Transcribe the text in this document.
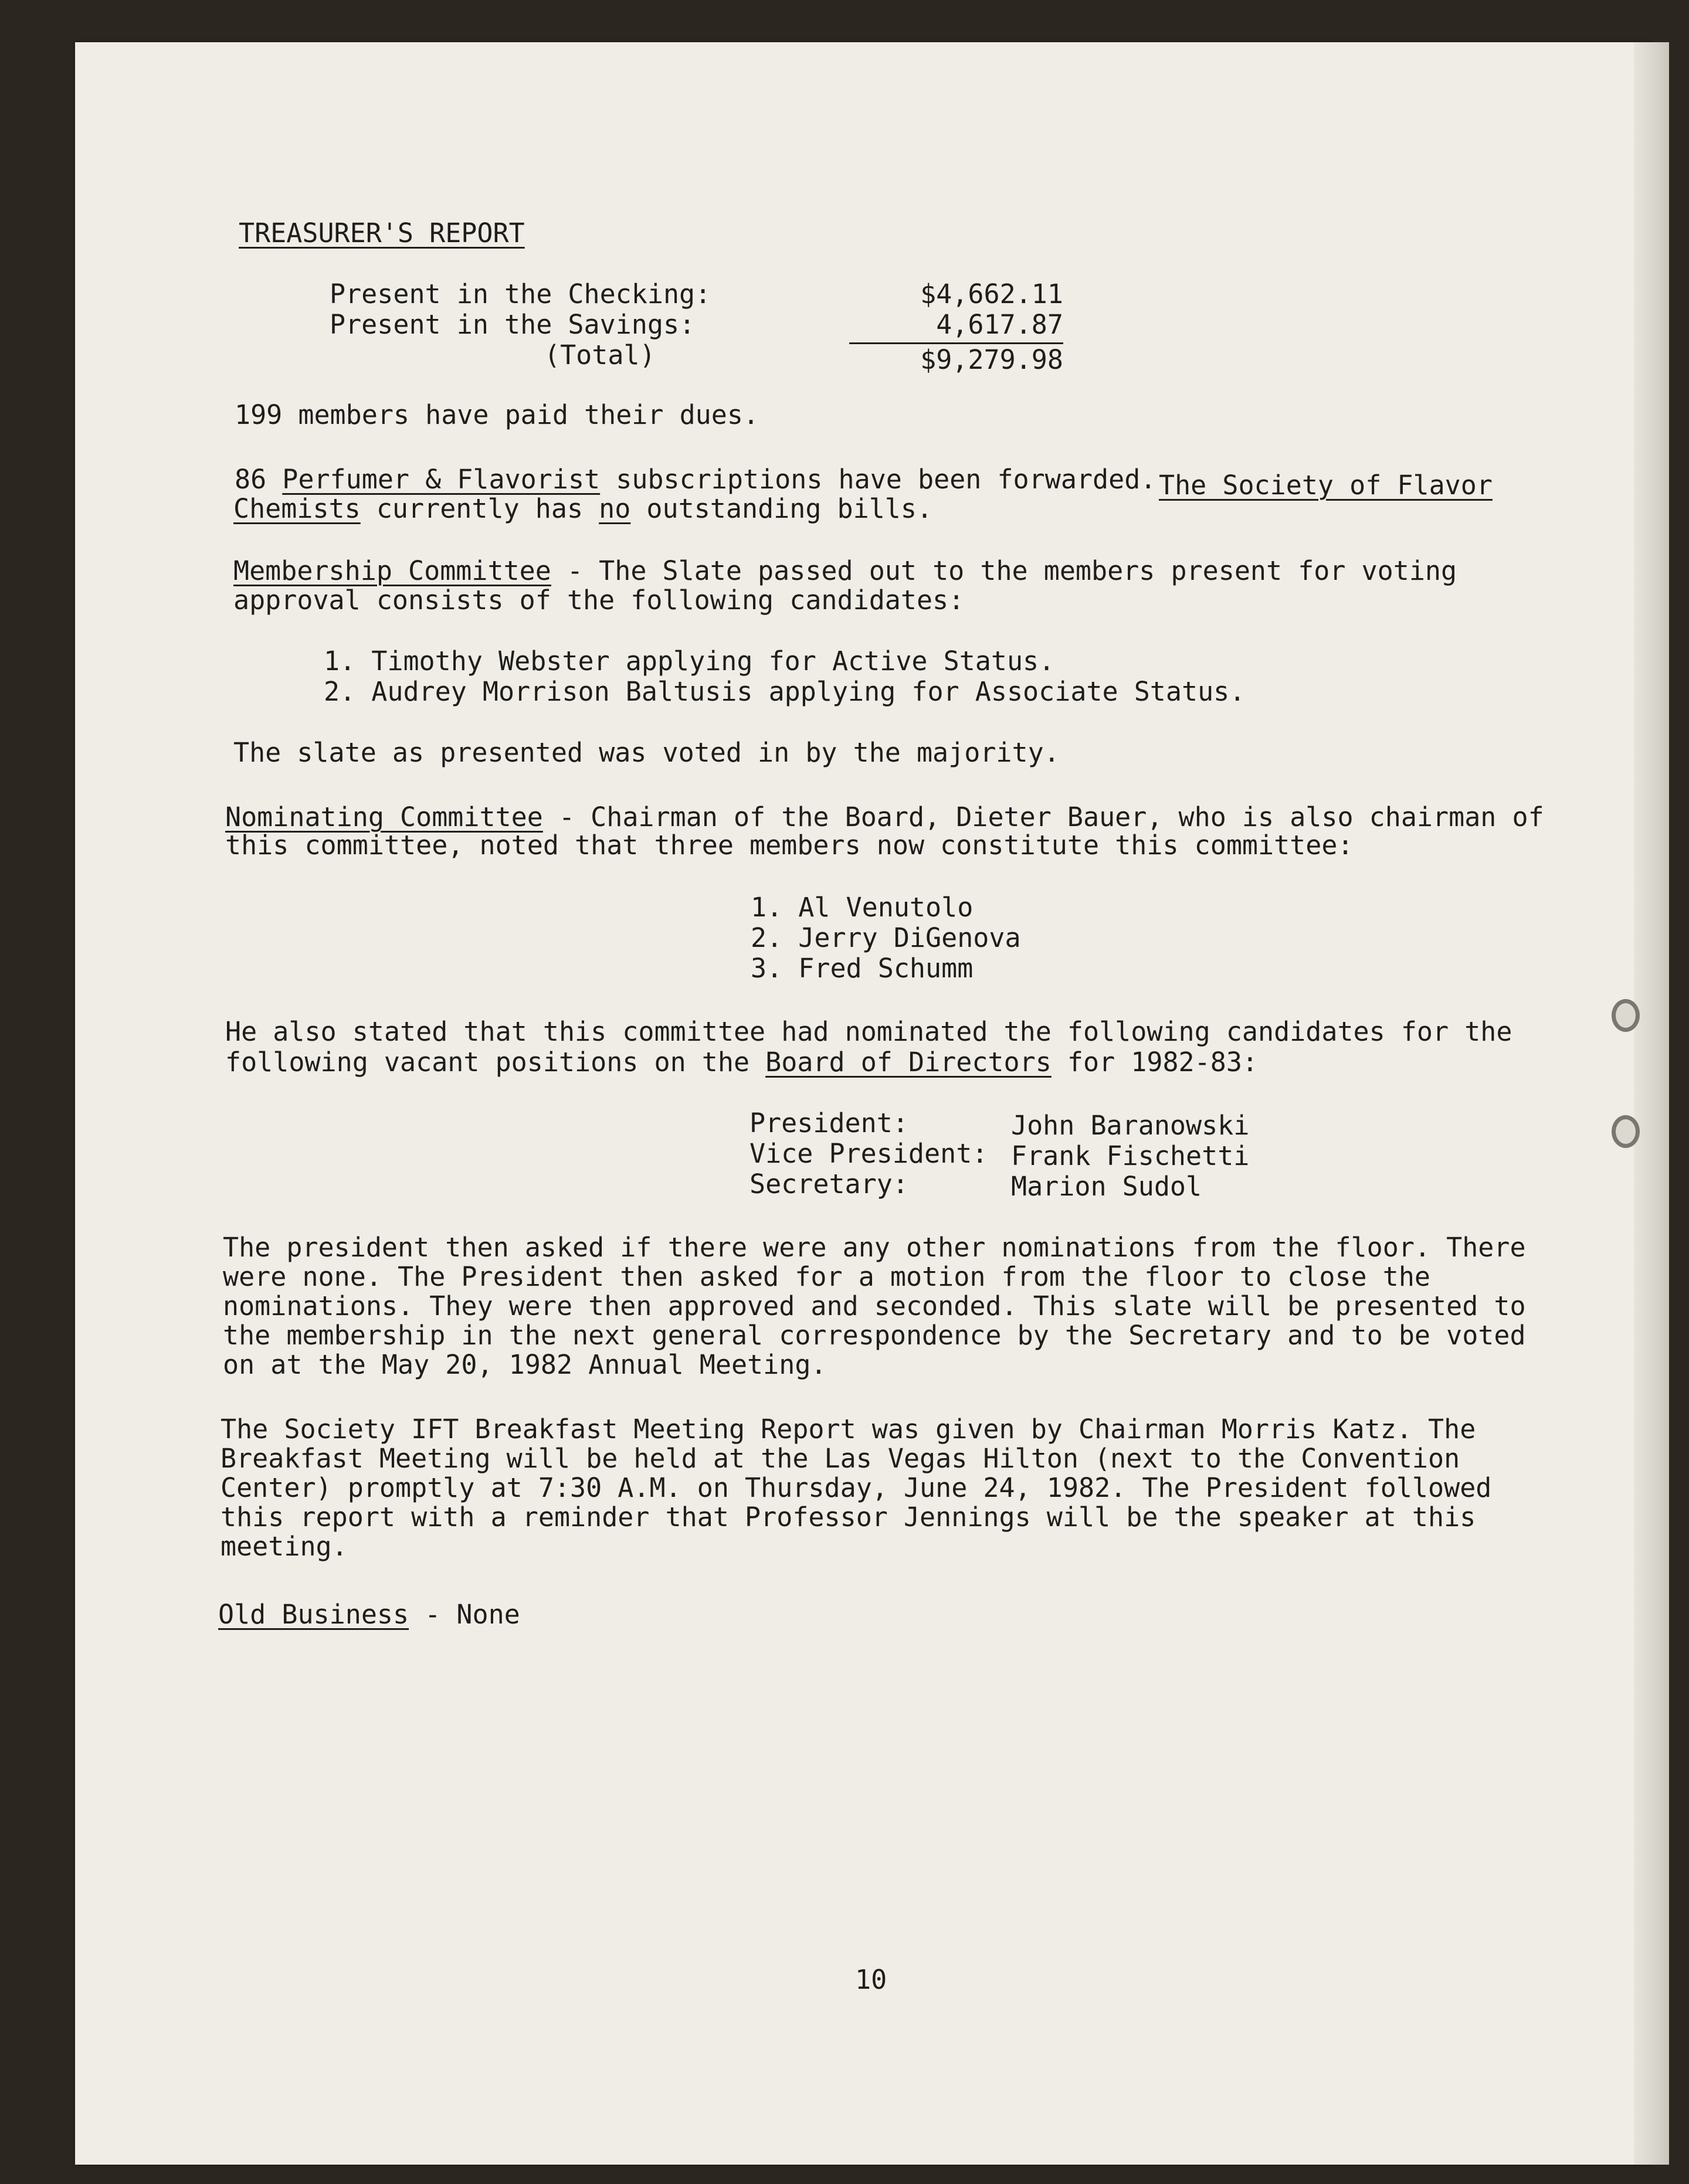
TREASURER'S REPORT
Present in the Checking:	$4,662.11
Present in the Savings:	4,617.87
(Total)	$9,279.98
199 members have paid their dues.
86 Perfumer & Flavorist subscriptions have been forwarded. The Society of Flavor
Chemists currently has no outstanding bills.
Membership Committee - The Slate passed out to the members present for voting
approval consists of the following candidates:
1. Timothy Webster applying for Active Status.
2. Audrey Morrison Baltusis applying for Associate Status.
The slate as presented was voted in by the majority.
Nominating Committee - Chairman of the Board, Dieter Bauer, who is also chairman of
this committee, noted that three members now constitute this committee:
1. Al Venutolo
2. Jerry DiGenova
3. Fred Schumm
He also stated that this committee had nominated the following candidates for the
following vacant positions on the Board of Directors for 1982-83:
President:	John Baranowski
Vice President: Frank Fischetti
Secretary:	Marion Sudol
The president then asked if there were any other nominations from the floor. There
were none. The President then asked for a motion from the floor to close the
nominations. They were then approved and seconded. This slate will be presented to
the membership in the next general correspondence by the Secretary and to be voted
on at the May 20, 1982 Annual Meeting.
The Society IFT Breakfast Meeting Report was given by Chairman Morris Katz. The
Breakfast Meeting will be held at the Las Vegas Hilton (next to the Convention
Center) promptly at 7:30 A.M. on Thursday, June 24, 1982. The President followed
this report with a reminder that Professor Jennings will be the speaker at this
meeting.
Old Business - None
10
